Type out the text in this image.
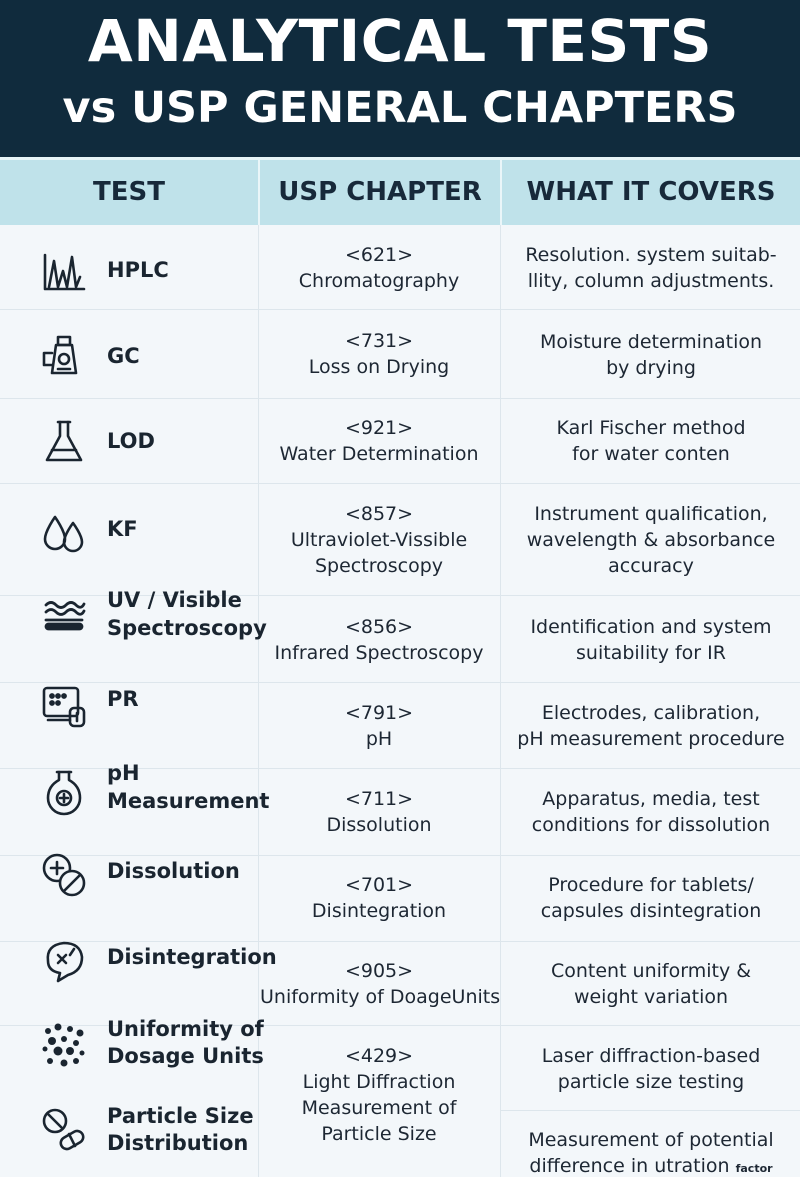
ANALYTICAL TESTS
vs USP GENERAL CHAPTERS
TEST	USP CHAPTER	WHAT IT COVERS
HPLC
GC
LOD
KF
UV / Visible
Spectroscopy
PR
pH
Measurement
Dissolution
Disintegration
Uniformity of
Dosage Units
Particle Size
Distribution
<621>
Chromatography
<731>
Loss on Drying
<921>
Water Determination
<857>
Ultraviolet-Vissible
Spectroscopy
<856>
Infrared Spectroscopy
<791>
pH
<711>
Dissolution
<701>
Disintegration
<905>
Uniformity of DoageUnits
<429>
Light Diffraction
Measurement of
Particle Size
Resolution. system suitab-
llity, column adjustments.
Moisture determination
by drying
Karl Fischer method
for water conten
Instrument qualification,
wavelength & absorbance
accuracy
Identification and system
suitability for IR
Electrodes, calibration,
pH measurement procedure
Apparatus, media, test
conditions for dissolution
Procedure for tablets/
capsules disintegration
Content uniformity &
weight variation
Laser diffraction-based
particle size testing
Measurement of potential
difference in utration factor
